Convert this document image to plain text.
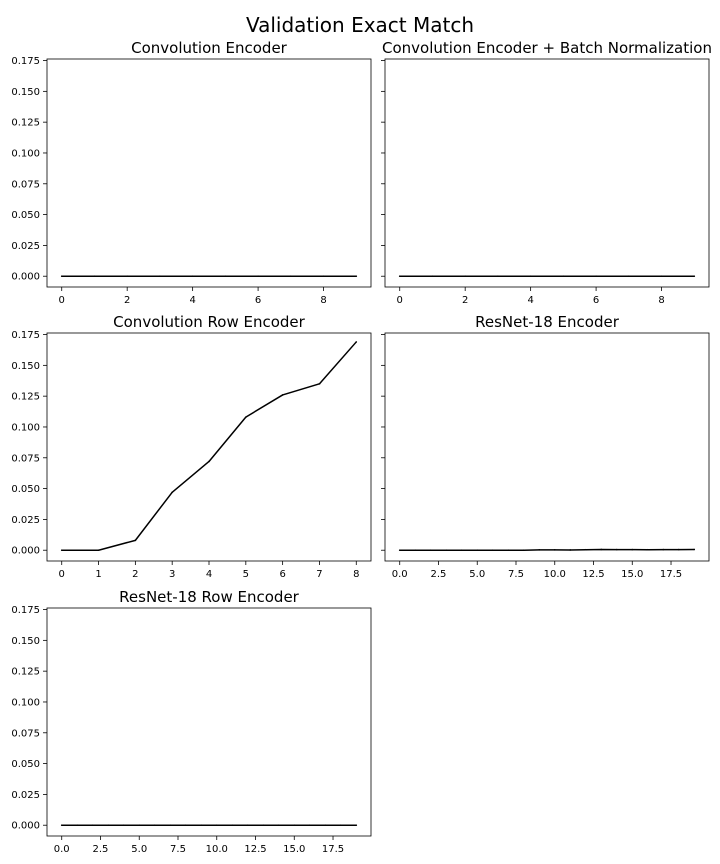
Validation Exact Match
Convolution Encoder
0.000
0.025
0.050
0.075
0.100
0.125
0.150
0.175
0	2	4	6	8
Convolution Encoder + Batch Normalization
0	2	4	6	8
Convolution Row Encoder
0.000
0.025
0.050
0.075
0.100
0.125
0.150
0.175
0	1	2	3	4	5	6	7	8
ResNet-18 Encoder
0.0 2.5 5.0 7.5 10.0 12.5 15.0 17.5
ResNet-18 Row Encoder
0.000
0.025
0.050
0.075
0.100
0.125
0.150
0.175
0.0 2.5 5.0 7.5 10.0 12.5 15.0 17.5
